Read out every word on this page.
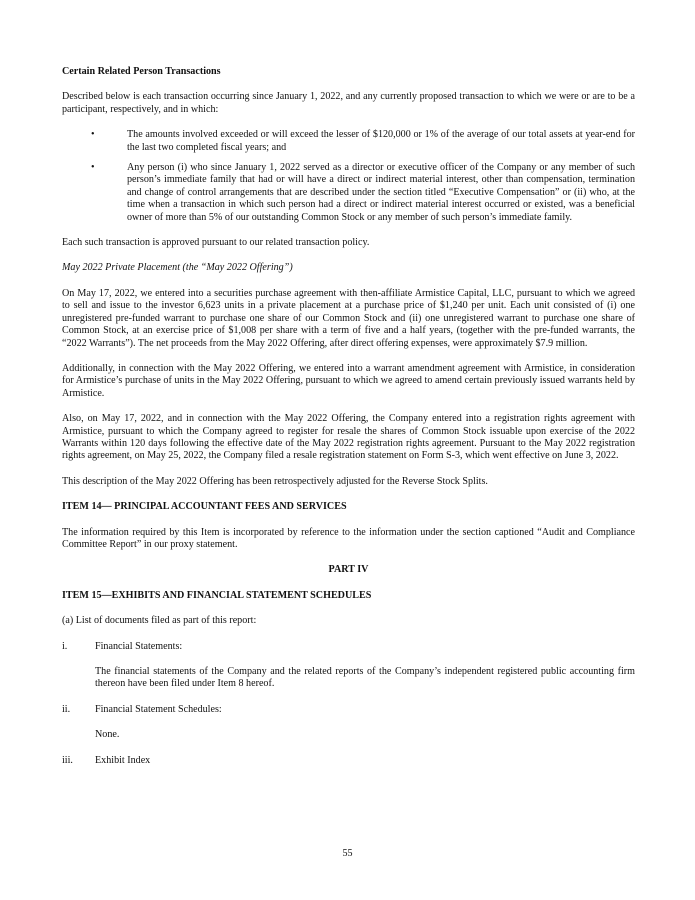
Certain Related Person Transactions

Described below is each transaction occurring since January 1, 2022, and any currently proposed transaction to which we were or are to be a participant, respectively, and in which:

•	The amounts involved exceeded or will exceed the lesser of $120,000 or 1% of the average of our total assets at year-end for the last two completed fiscal years; and
•	Any person (i) who since January 1, 2022 served as a director or executive officer of the Company or any member of such person’s immediate family that had or will have a direct or indirect material interest, other than compensation, termination and change of control arrangements that are described under the section titled “Executive Compensation” or (ii) who, at the time when a transaction in which such person had a direct or indirect material interest occurred or existed, was a beneficial owner of more than 5% of our outstanding Common Stock or any member of such person’s immediate family.

Each such transaction is approved pursuant to our related transaction policy.

May 2022 Private Placement (the “May 2022 Offering”)

On May 17, 2022, we entered into a securities purchase agreement with then-affiliate Armistice Capital, LLC, pursuant to which we agreed to sell and issue to the investor 6,623 units in a private placement at a purchase price of $1,240 per unit. Each unit consisted of (i) one unregistered pre-funded warrant to purchase one share of our Common Stock and (ii) one unregistered warrant to purchase one share of Common Stock, at an exercise price of $1,008 per share with a term of five and a half years, (together with the pre-funded warrants, the “2022 Warrants”). The net proceeds from the May 2022 Offering, after direct offering expenses, were approximately $7.9 million.

Additionally, in connection with the May 2022 Offering, we entered into a warrant amendment agreement with Armistice, in consideration for Armistice’s purchase of units in the May 2022 Offering, pursuant to which we agreed to amend certain previously issued warrants held by Armistice.

Also, on May 17, 2022, and in connection with the May 2022 Offering, the Company entered into a registration rights agreement with Armistice, pursuant to which the Company agreed to register for resale the shares of Common Stock issuable upon exercise of the 2022 Warrants within 120 days following the effective date of the May 2022 registration rights agreement. Pursuant to the May 2022 registration rights agreement, on May 25, 2022, the Company filed a resale registration statement on Form S-3, which went effective on June 3, 2022.

This description of the May 2022 Offering has been retrospectively adjusted for the Reverse Stock Splits.

ITEM 14— PRINCIPAL ACCOUNTANT FEES AND SERVICES

The information required by this Item is incorporated by reference to the information under the section captioned “Audit and Compliance Committee Report” in our proxy statement.

PART IV

ITEM 15—EXHIBITS AND FINANCIAL STATEMENT SCHEDULES

(a) List of documents filed as part of this report:

i.	Financial Statements:

The financial statements of the Company and the related reports of the Company’s independent registered public accounting firm thereon have been filed under Item 8 hereof.

ii.	Financial Statement Schedules:

None.

iii.	Exhibit Index
55
